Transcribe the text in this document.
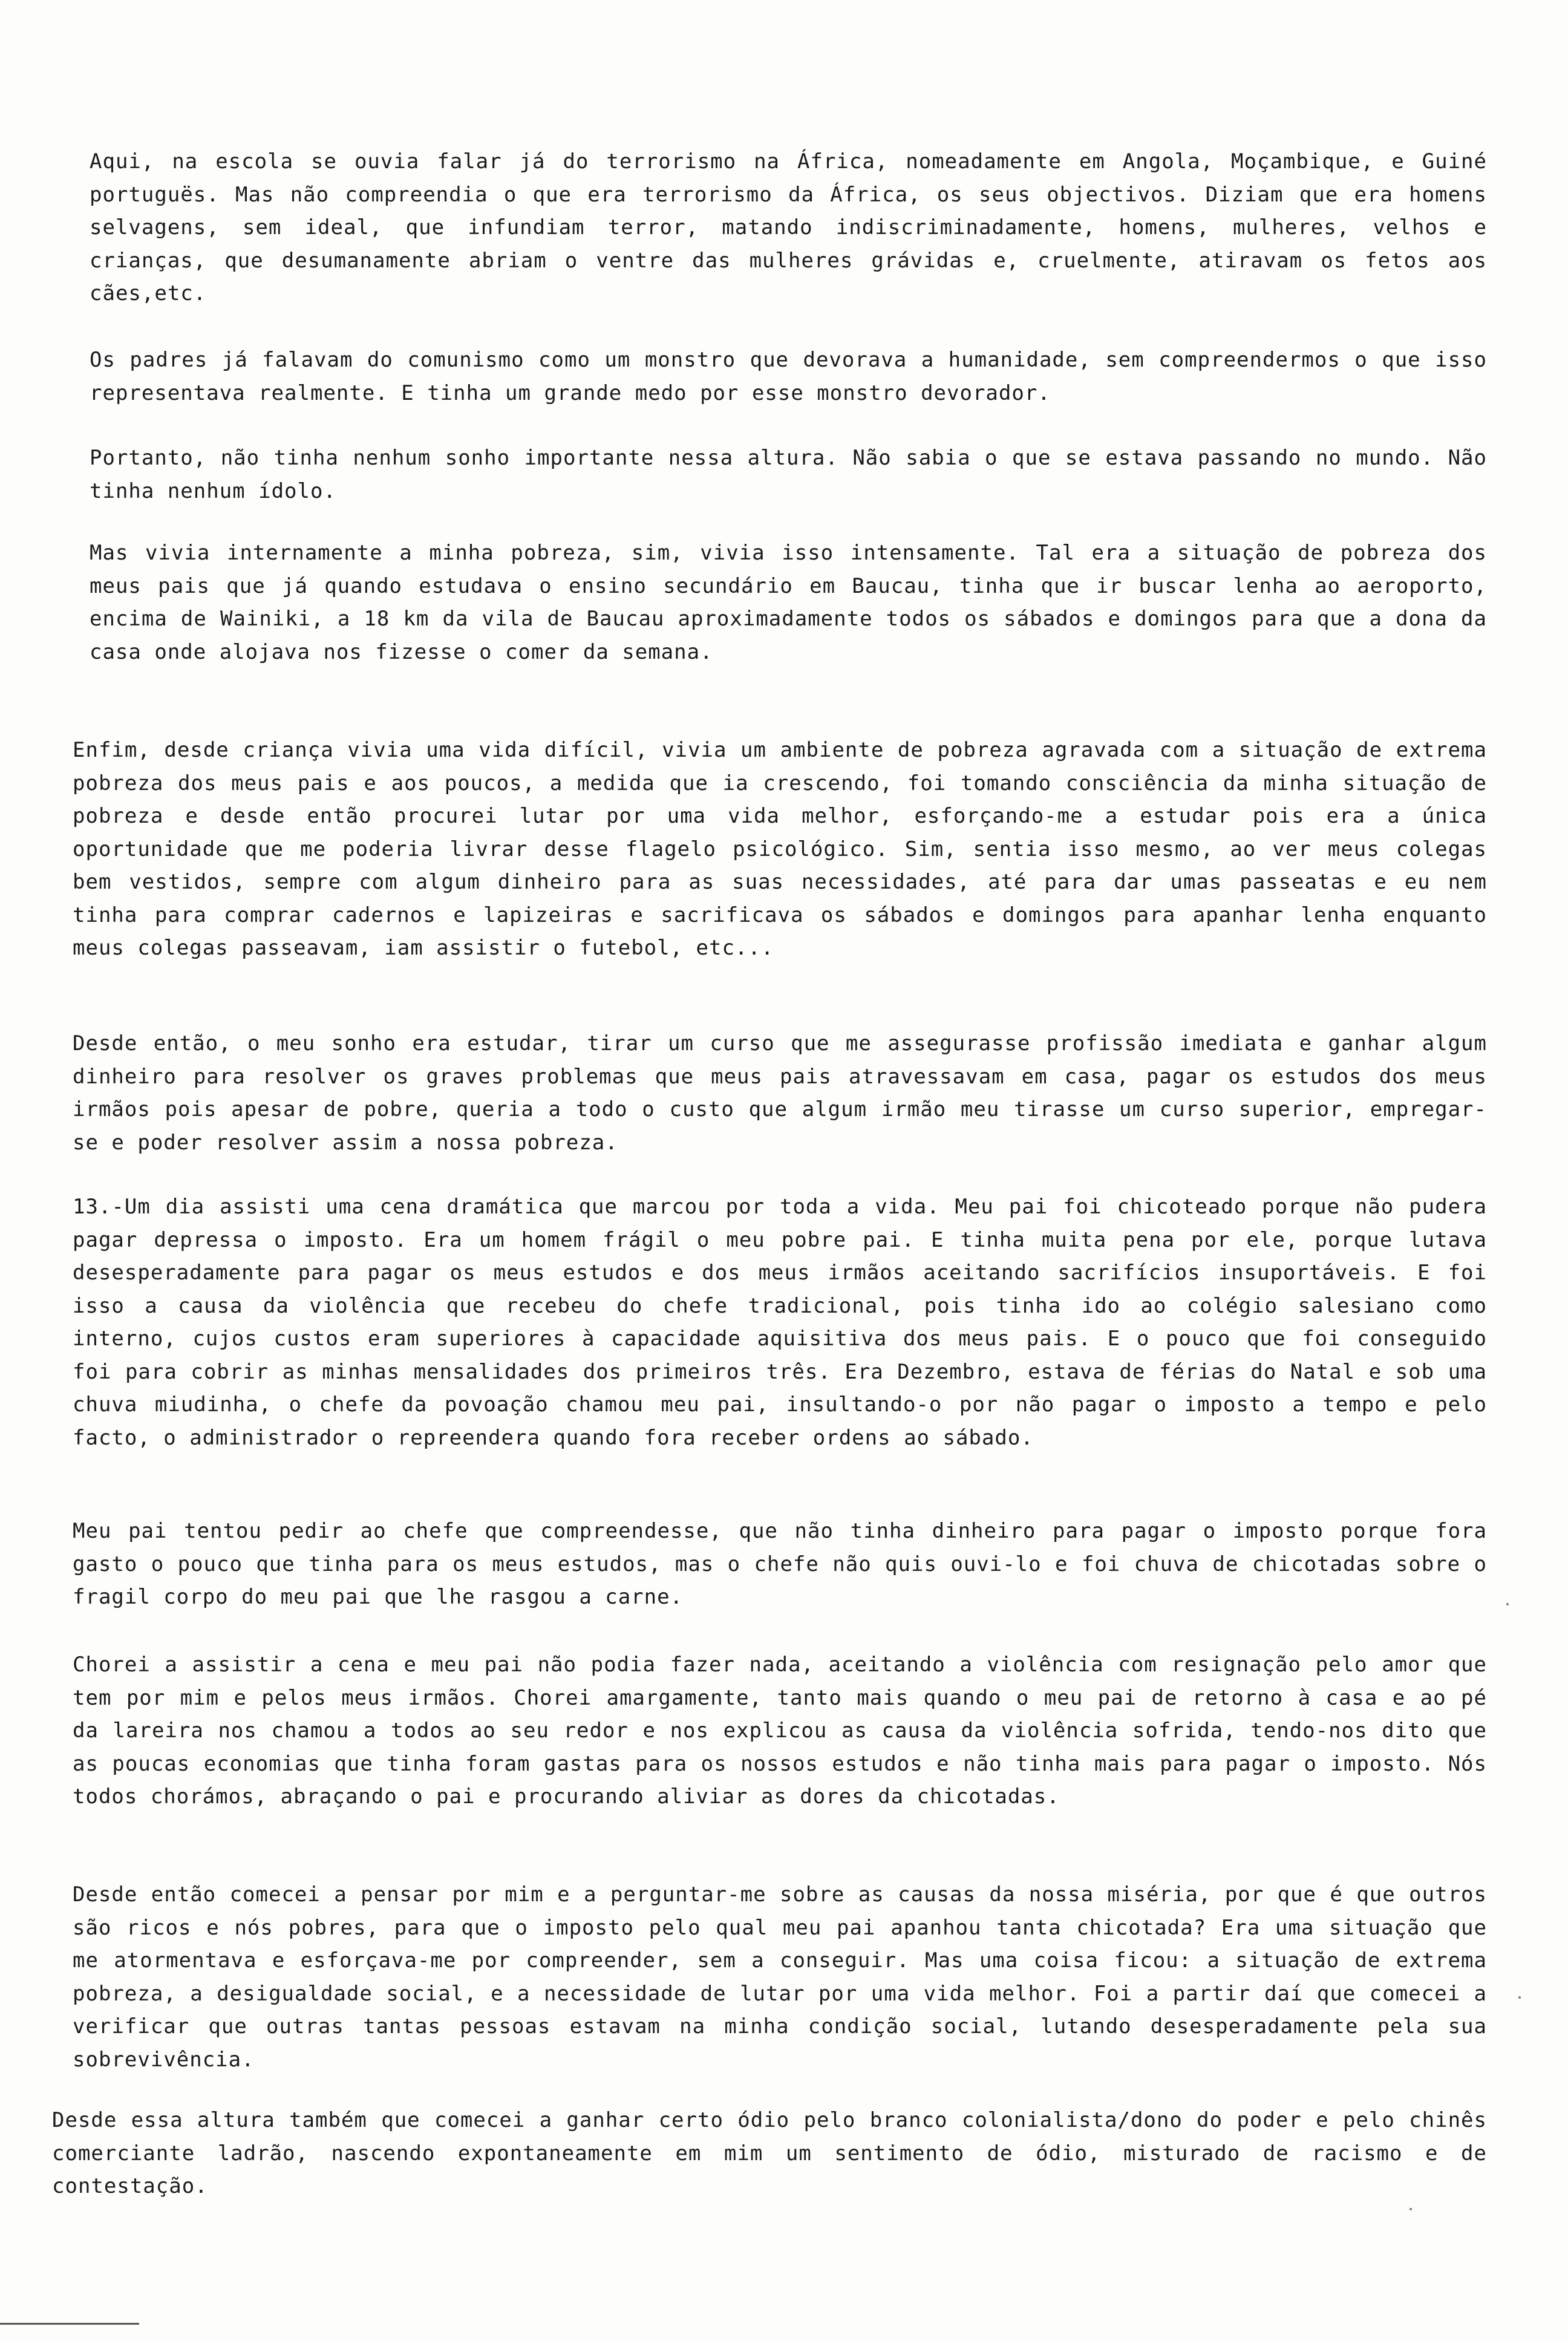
Aqui, na escola se ouvia falar já do terrorismo na África, nomeadamente em Angola, Moçambique, e Guiné portuguës. Mas não compreendia o que era terrorismo da África, os seus objectivos. Diziam que era homens selvagens, sem ideal, que infundiam terror, matando indiscriminadamente, homens, mulheres, velhos e crianças, que desumanamente abriam o ventre das mulheres grávidas e, cruelmente, atiravam os fetos aos cães,etc.

Os padres já falavam do comunismo como um monstro que devorava a humanidade, sem compreendermos o que isso representava realmente. E tinha um grande medo por esse monstro devorador.

Portanto, não tinha nenhum sonho importante nessa altura. Não sabia o que se estava passando no mundo. Não tinha nenhum ídolo.

Mas vivia internamente a minha pobreza, sim, vivia isso intensamente. Tal era a situação de pobreza dos meus pais que já quando estudava o ensino secundário em Baucau, tinha que ir buscar lenha ao aeroporto, encima de Wainiki, a 18 km da vila de Baucau aproximadamente todos os sábados e domingos para que a dona da casa onde alojava nos fizesse o comer da semana.

Enfim, desde criança vivia uma vida difícil, vivia um ambiente de pobreza agravada com a situação de extrema pobreza dos meus pais e aos poucos, a medida que ia crescendo, foi tomando consciência da minha situação de pobreza e desde então procurei lutar por uma vida melhor, esforçando-me a estudar pois era a única oportunidade que me poderia livrar desse flagelo psicológico. Sim, sentia isso mesmo, ao ver meus colegas bem vestidos, sempre com algum dinheiro para as suas necessidades, até para dar umas passeatas e eu nem tinha para comprar cadernos e lapizeiras e sacrificava os sábados e domingos para apanhar lenha enquanto meus colegas passeavam, iam assistir o futebol, etc...

Desde então, o meu sonho era estudar, tirar um curso que me assegurasse profissão imediata e ganhar algum dinheiro para resolver os graves problemas que meus pais atravessavam em casa, pagar os estudos dos meus irmãos pois apesar de pobre, queria a todo o custo que algum irmão meu tirasse um curso superior, empregar-se e poder resolver assim a nossa pobreza.

13.-Um dia assisti uma cena dramática que marcou por toda a vida. Meu pai foi chicoteado porque não pudera pagar depressa o imposto. Era um homem frágil o meu pobre pai. E tinha muita pena por ele, porque lutava desesperadamente para pagar os meus estudos e dos meus irmãos aceitando sacrifícios insuportáveis. E foi isso a causa da violência que recebeu do chefe tradicional, pois tinha ido ao colégio salesiano como interno, cujos custos eram superiores à capacidade aquisitiva dos meus pais. E o pouco que foi conseguido foi para cobrir as minhas mensalidades dos primeiros três. Era Dezembro, estava de férias do Natal e sob uma chuva miudinha, o chefe da povoação chamou meu pai, insultando-o por não pagar o imposto a tempo e pelo facto, o administrador o repreendera quando fora receber ordens ao sábado.

Meu pai tentou pedir ao chefe que compreendesse, que não tinha dinheiro para pagar o imposto porque fora gasto o pouco que tinha para os meus estudos, mas o chefe não quis ouvi-lo e foi chuva de chicotadas sobre o fragil corpo do meu pai que lhe rasgou a carne.

Chorei a assistir a cena e meu pai não podia fazer nada, aceitando a violência com resignação pelo amor que tem por mim e pelos meus irmãos. Chorei amargamente, tanto mais quando o meu pai de retorno à casa e ao pé da lareira nos chamou a todos ao seu redor e nos explicou as causa da violência sofrida, tendo-nos dito que as poucas economias que tinha foram gastas para os nossos estudos e não tinha mais para pagar o imposto. Nós todos chorámos, abraçando o pai e procurando aliviar as dores da chicotadas.

Desde então comecei a pensar por mim e a perguntar-me sobre as causas da nossa miséria, por que é que outros são ricos e nós pobres, para que o imposto pelo qual meu pai apanhou tanta chicotada? Era uma situação que me atormentava e esforçava-me por compreender, sem a conseguir. Mas uma coisa ficou: a situação de extrema pobreza, a desigualdade social, e a necessidade de lutar por uma vida melhor. Foi a partir daí que comecei a verificar que outras tantas pessoas estavam na minha condição social, lutando desesperadamente pela sua sobrevivência.

Desde essa altura também que comecei a ganhar certo ódio pelo branco colonialista/dono do poder e pelo chinês comerciante ladrão, nascendo expontaneamente em mim um sentimento de ódio, misturado de racismo e de contestação.
